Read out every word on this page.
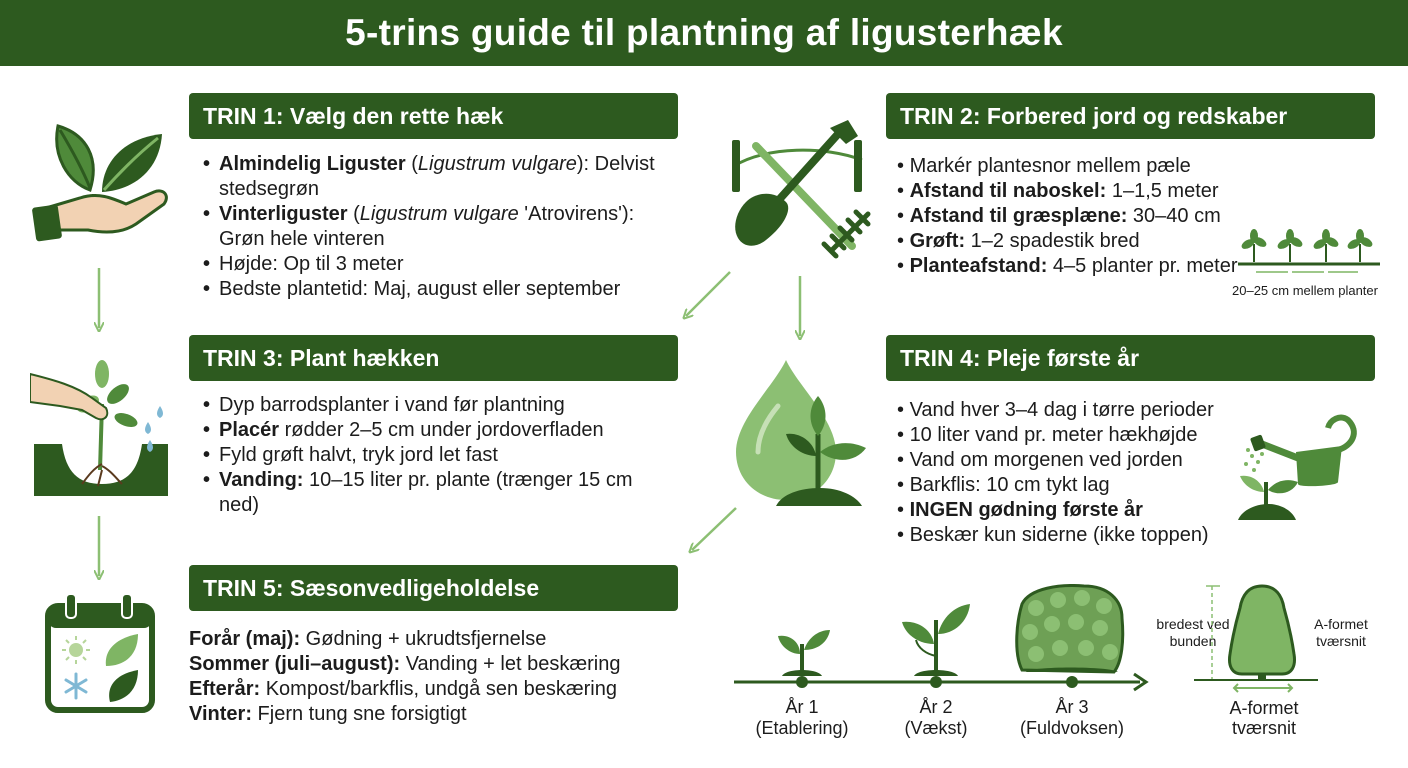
5-trins guide til plantning af ligusterhæk
TRIN 1: Vælg den rette hæk
• Almindelig Liguster (Ligustrum vulgare): Delvist stedsegrøn
• Vinterliguster (Ligustrum vulgare 'Atrovirens'): Grøn hele vinteren
• Højde: Op til 3 meter
• Bedste plantetid: Maj, august eller september
TRIN 2: Forbered jord og redskaber
• Markér plantesnor mellem pæle
• Afstand til naboskel: 1–1,5 meter
• Afstand til græsplæne: 30–40 cm
• Grøft: 1–2 spadestik bred
• Planteafstand: 4–5 planter pr. meter
20–25 cm mellem planter
TRIN 3: Plant hækken
• Dyp barrodsplanter i vand før plantning
• Placér rødder 2–5 cm under jordoverfladen
• Fyld grøft halvt, tryk jord let fast
• Vanding: 10–15 liter pr. plante (trænger 15 cm ned)
TRIN 4: Pleje første år
• Vand hver 3–4 dag i tørre perioder
• 10 liter vand pr. meter hækhøjde
• Vand om morgenen ved jorden
• Barkflis: 10 cm tykt lag
• INGEN gødning første år
• Beskær kun siderne (ikke toppen)
TRIN 5: Sæsonvedligeholdelse
Forår (maj): Gødning + ukrudtsfjernelse
Sommer (juli–august): Vanding + let beskæring
Efterår: Kompost/barkflis, undgå sen beskæring
Vinter: Fjern tung sne forsigtigt	År 1
(Etablering)
År 2
(Vækst)
År 3
(Fuldvoksen)
bredest ved bunden
A-formet tværsnit
A-formet tværsnit
